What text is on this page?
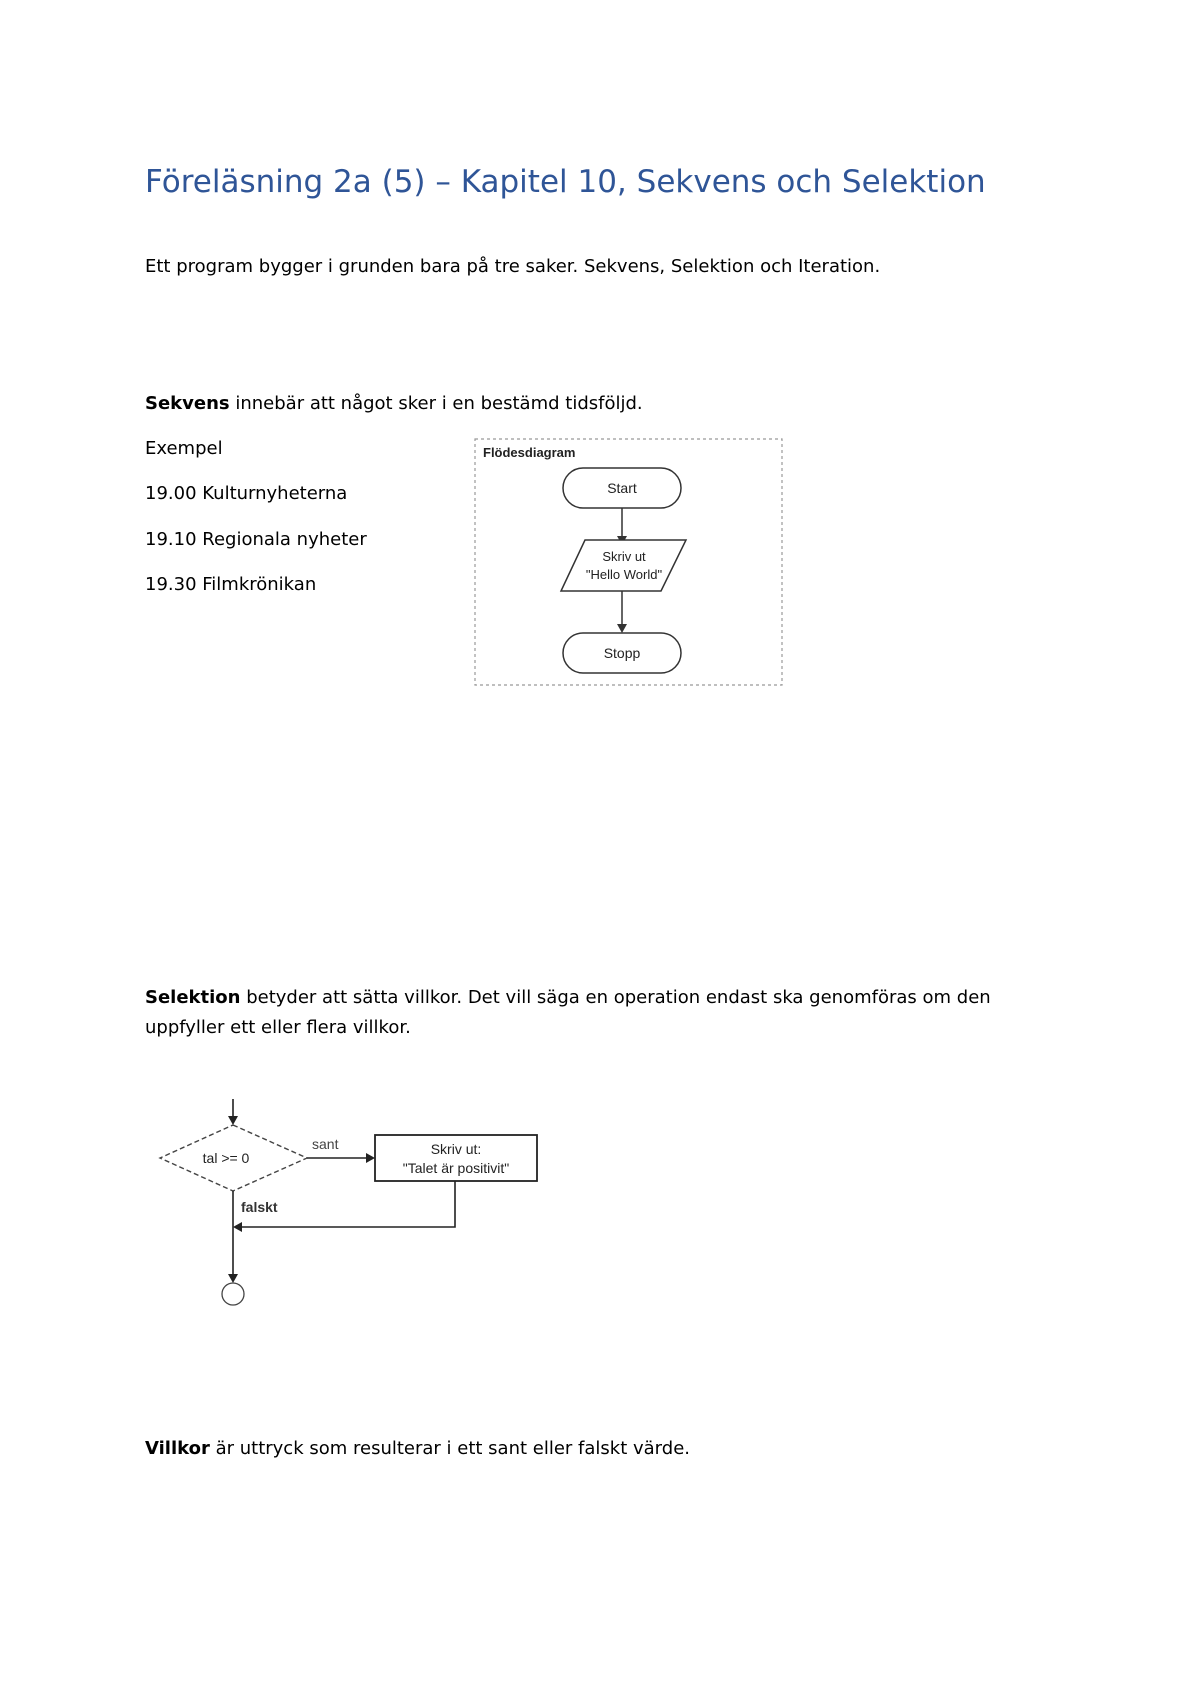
Föreläsning 2a (5) – Kapitel 10, Sekvens och Selektion

Ett program bygger i grunden bara på tre saker. Sekvens, Selektion och Iteration.

Sekvens innebär att något sker i en bestämd tidsföljd.

Exempel

19.00 Kulturnyheterna

19.10 Regionala nyheter

19.30 Filmkrönikan

Flödesdiagram
Start
Skriv ut
"Hello World"
Stopp

Selektion betyder att sätta villkor. Det vill säga en operation endast ska genomföras om den uppfyller ett eller flera villkor.

tal >= 0
sant	Skriv ut:
"Talet är positivit"
falskt

Villkor är uttryck som resulterar i ett sant eller falskt värde.
